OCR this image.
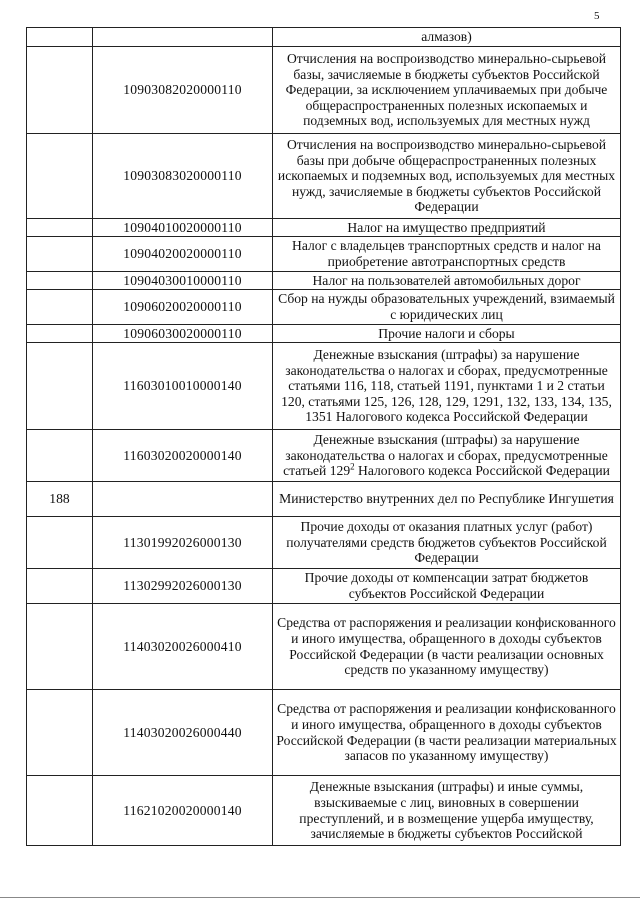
5
		алмазов)
	10903082020000110	Отчисления на воспроизводство минерально-сырьевой базы, зачисляемые в бюджеты субъектов Российской Федерации, за исключением уплачиваемых при добыче общераспространенных полезных ископаемых и подземных вод, используемых для местных нужд
	10903083020000110	Отчисления на воспроизводство минерально-сырьевой базы при добыче общераспространенных полезных ископаемых и подземных вод, используемых для местных нужд, зачисляемые в бюджеты субъектов Российской Федерации
	10904010020000110	Налог на имущество предприятий
	10904020020000110	Налог с владельцев транспортных средств и налог на приобретение автотранспортных средств
	10904030010000110	Налог на пользователей автомобильных дорог
	10906020020000110	Сбор на нужды образовательных учреждений, взимаемый с юридических лиц
	10906030020000110	Прочие налоги и сборы
	11603010010000140	Денежные взыскания (штрафы) за нарушение законодательства о налогах и сборах, предусмотренные статьями 116, 118, статьей 1191, пунктами 1 и 2 статьи 120, статьями 125, 126, 128, 129, 1291, 132, 133, 134, 135, 1351 Налогового кодекса Российской Федерации
	11603020020000140	Денежные взыскания (штрафы) за нарушение законодательства о налогах и сборах, предусмотренные статьей $129^2$ Налогового кодекса Российской Федерации
188		Министерство внутренних дел по Республике Ингушетия
	11301992026000130	Прочие доходы от оказания платных услуг (работ) получателями средств бюджетов субъектов Российской Федерации
	11302992026000130	Прочие доходы от компенсации затрат бюджетов субъектов Российской Федерации
	11403020026000410	Средства от распоряжения и реализации конфискованного и иного имущества, обращенного в доходы субъектов Российской Федерации (в части реализации основных средств по указанному имуществу)
	11403020026000440	Средства от распоряжения и реализации конфискованного и иного имущества, обращенного в доходы субъектов Российской Федерации (в части реализации материальных запасов по указанному имуществу)
	11621020020000140	Денежные взыскания (штрафы) и иные суммы, взыскиваемые с лиц, виновных в совершении преступлений, и в возмещение ущерба имуществу, зачисляемые в бюджеты субъектов Российской
